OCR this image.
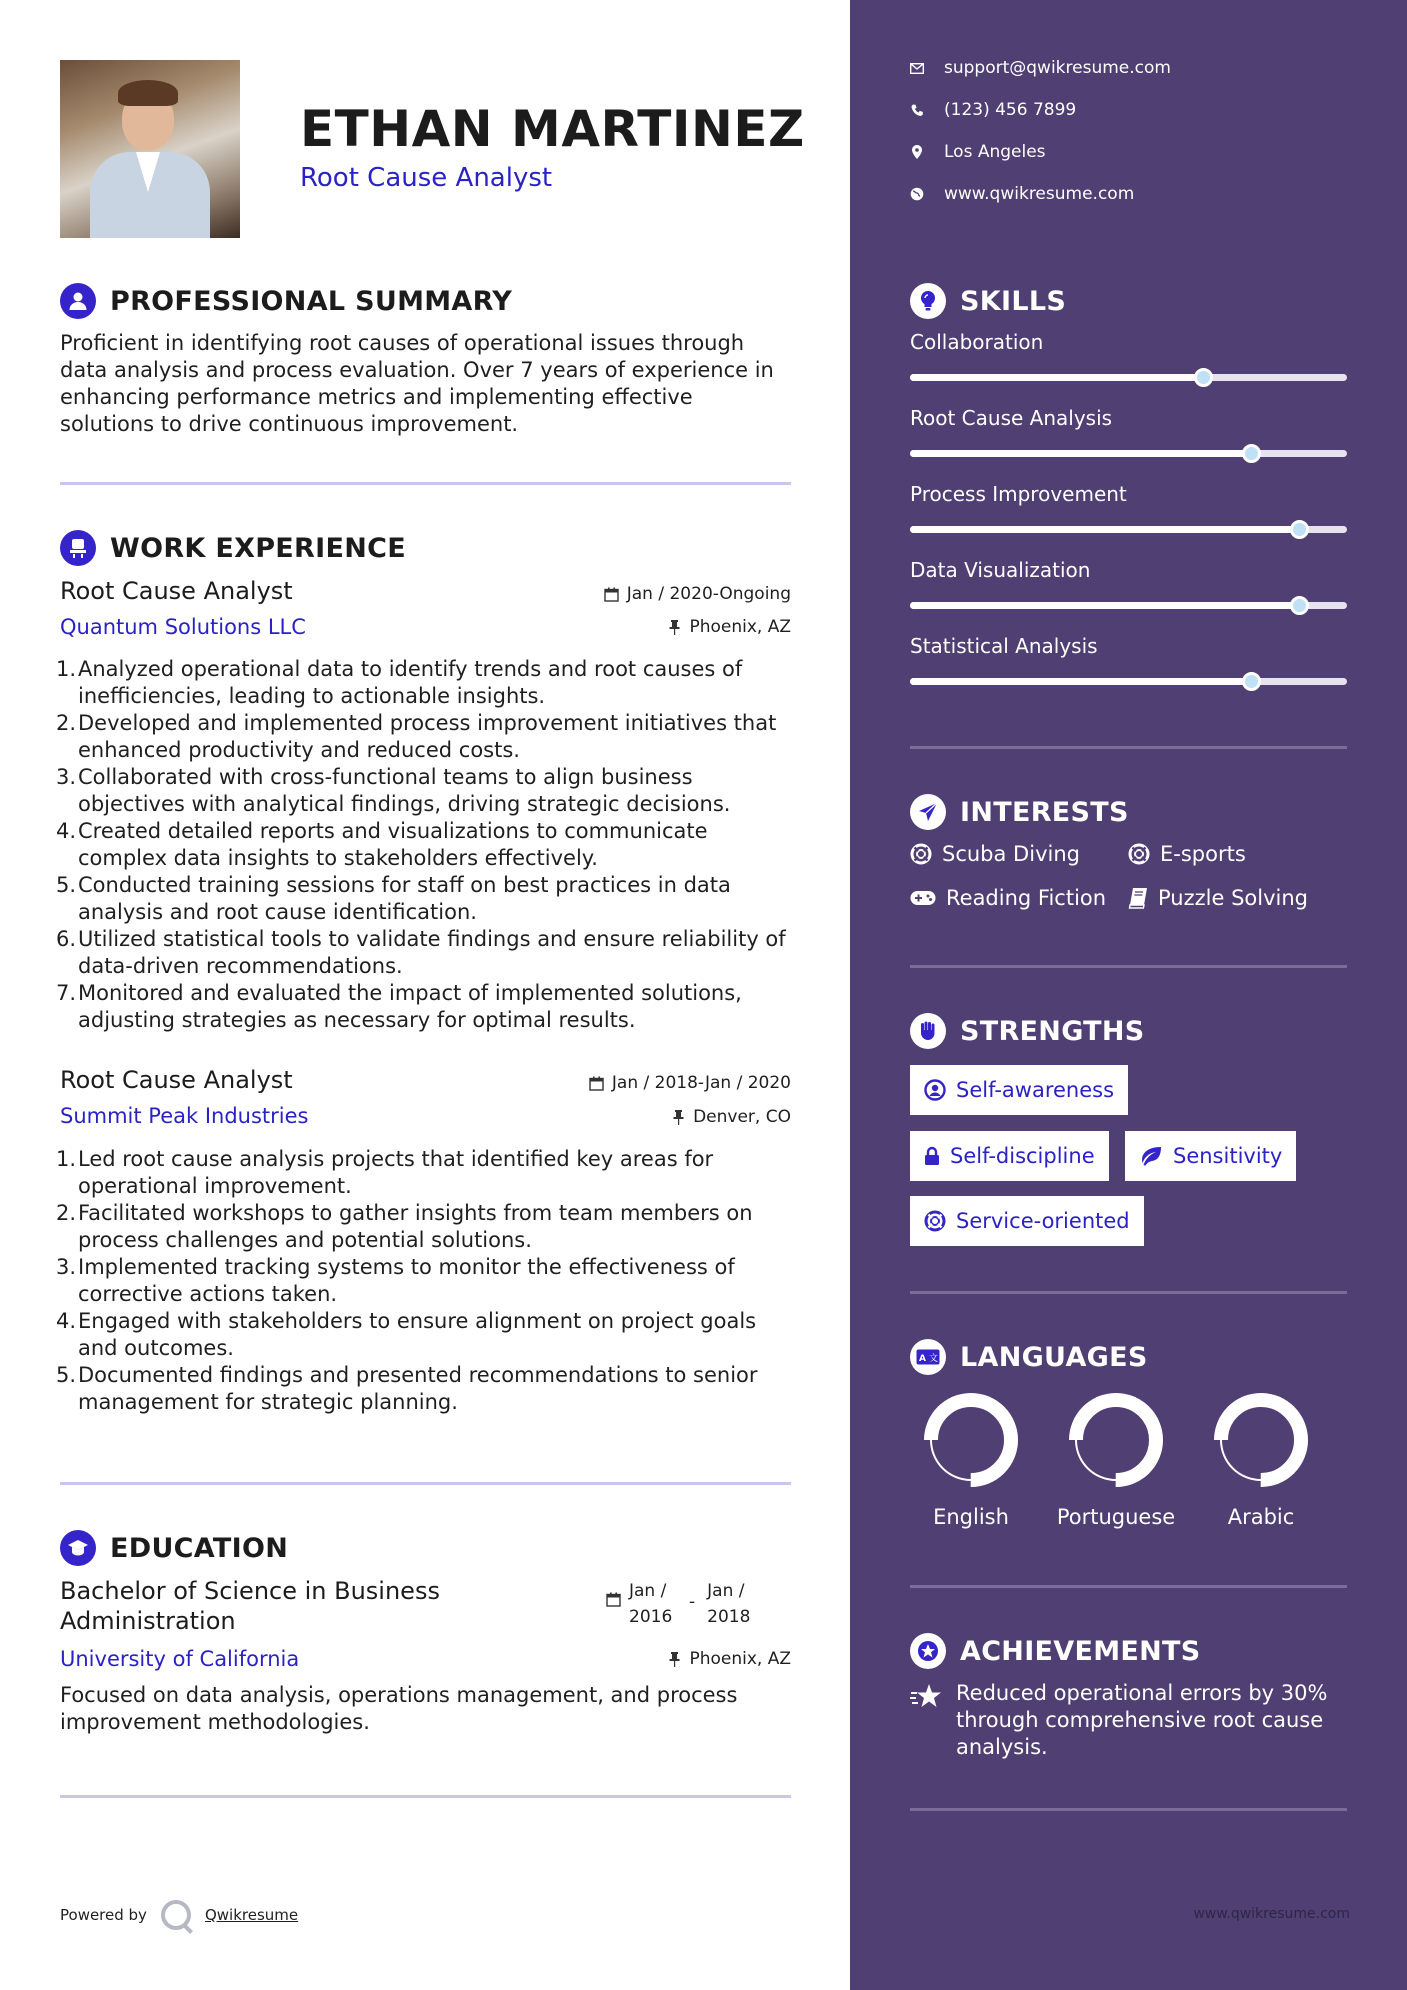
ETHAN MARTINEZ
Root Cause Analyst
PROFESSIONAL SUMMARY
Proficient in identifying root causes of operational issues through data analysis and process evaluation. Over 7 years of experience in enhancing performance metrics and implementing effective solutions to drive continuous improvement.
WORK EXPERIENCE
Root Cause Analyst	Jan / 2020-Ongoing
Quantum Solutions LLC	Phoenix, AZ
1. Analyzed operational data to identify trends and root causes of inefficiencies, leading to actionable insights.
2. Developed and implemented process improvement initiatives that enhanced productivity and reduced costs.
3. Collaborated with cross-functional teams to align business objectives with analytical findings, driving strategic decisions.
4. Created detailed reports and visualizations to communicate complex data insights to stakeholders effectively.
5. Conducted training sessions for staff on best practices in data analysis and root cause identification.
6. Utilized statistical tools to validate findings and ensure reliability of data-driven recommendations.
7. Monitored and evaluated the impact of implemented solutions, adjusting strategies as necessary for optimal results.
Root Cause Analyst	Jan / 2018-Jan / 2020
Summit Peak Industries	Denver, CO
1. Led root cause analysis projects that identified key areas for operational improvement.
2. Facilitated workshops to gather insights from team members on process challenges and potential solutions.
3. Implemented tracking systems to monitor the effectiveness of corrective actions taken.
4. Engaged with stakeholders to ensure alignment on project goals and outcomes.
5. Documented findings and presented recommendations to senior management for strategic planning.
EDUCATION
Bachelor of Science in Business Administration
Jan / 2016
-
Jan / 2018
University of California	Phoenix, AZ
Focused on data analysis, operations management, and process improvement methodologies.
Powered by	Qwikresume
support@qwikresume.com
(123) 456 7899
Los Angeles
www.qwikresume.com
SKILLS
Collaboration
Root Cause Analysis
Process Improvement
Data Visualization
Statistical Analysis
INTERESTS
Scuba Diving	E-sports
Reading Fiction Puzzle Solving
STRENGTHS
Self-awareness
Self-discipline	Sensitivity
Service-oriented
A 文 LANGUAGES
English	Portuguese	Arabic
ACHIEVEMENTS
Reduced operational errors by 30% through comprehensive root cause analysis.
www.qwikresume.com
